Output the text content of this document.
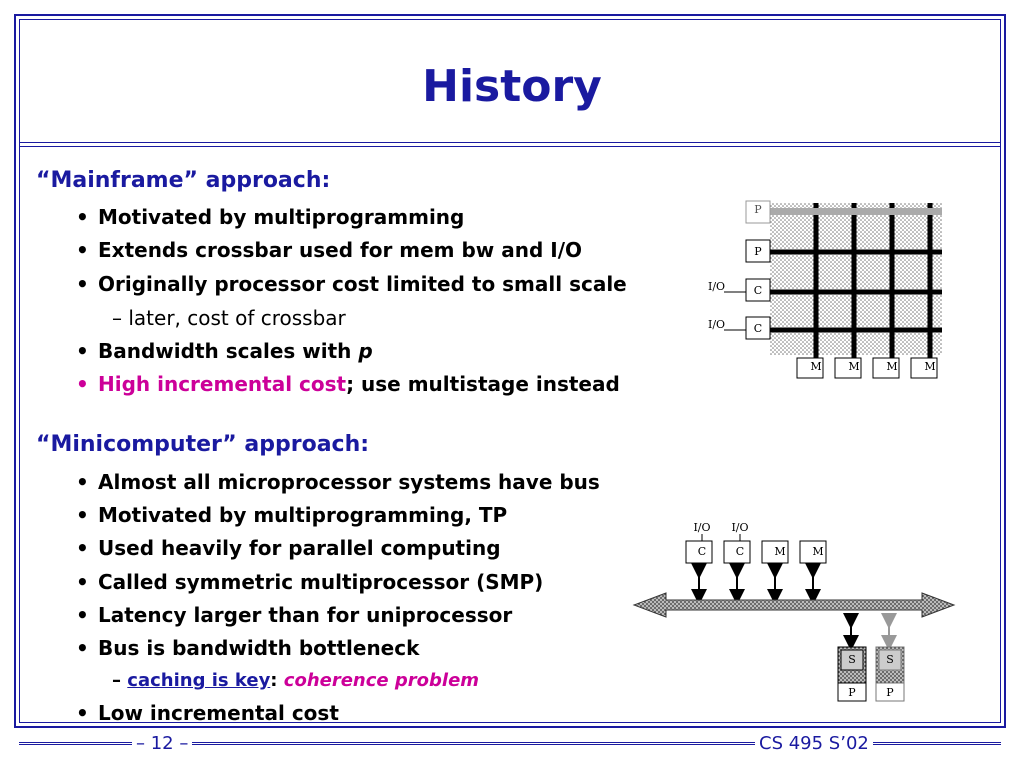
History
“Mainframe” approach:
• Motivated by multiprogramming
• Extends crossbar used for mem bw and I/O
• Originally processor cost limited to small scale
– later, cost of crossbar
• Bandwidth scales with p
• High incremental cost; use multistage instead
“Minicomputer” approach:
• Almost all microprocessor systems have bus
• Motivated by multiprogramming, TP
• Used heavily for parallel computing
• Called symmetric multiprocessor (SMP)
• Latency larger than for uniprocessor
• Bus is bandwidth bottleneck
– caching is key: coherence problem
• Low incremental cost
P
P
C
C
I/O
I/O
M M M M
I/O I/O
C	C	M M
S
P
S
P
– 12 –	CS 495 S’02
